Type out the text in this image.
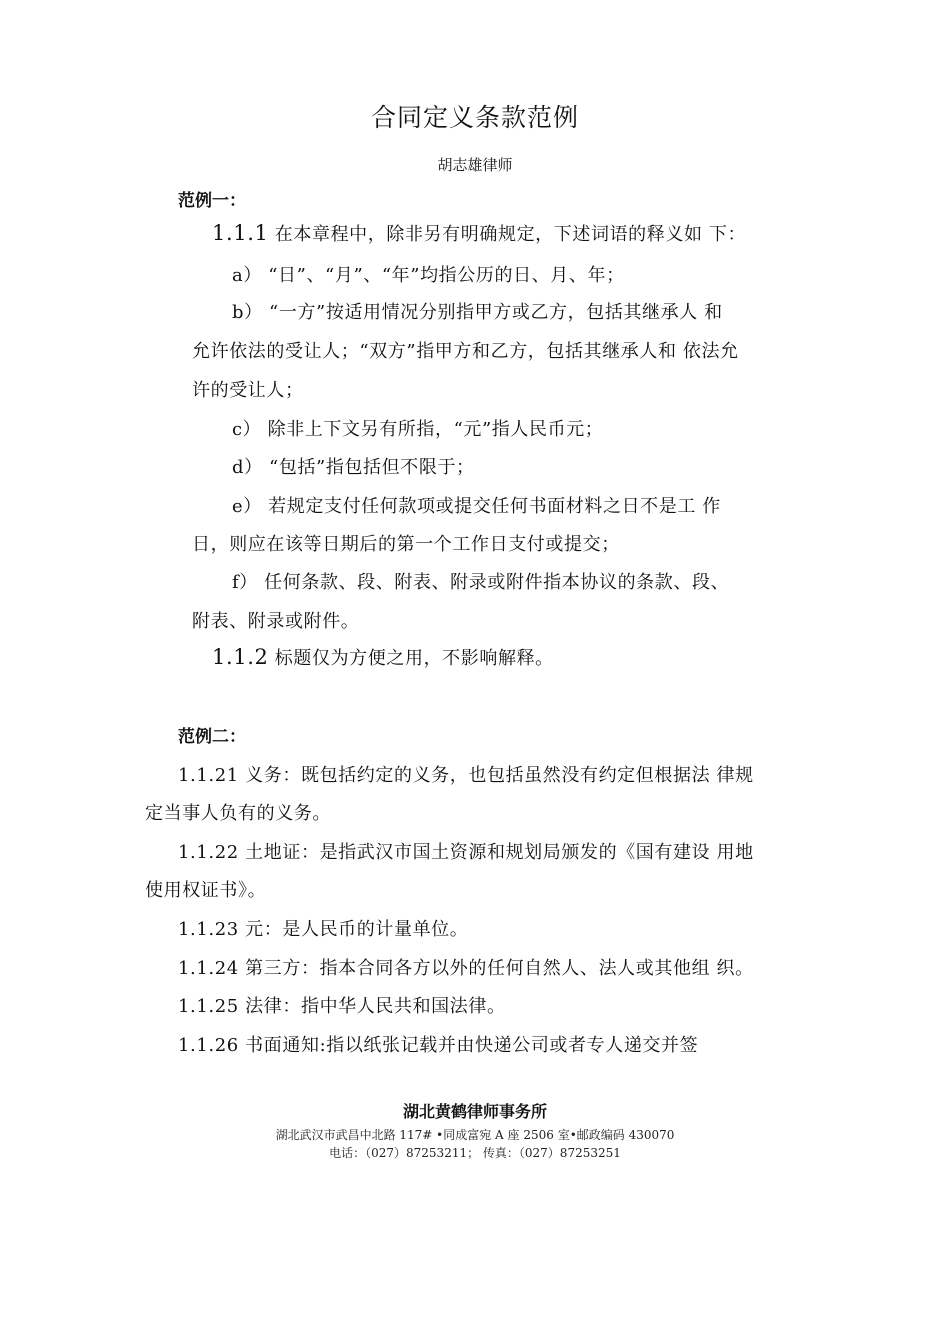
合同定义条款范例
胡志雄律师
范例一：
1.1.1 在本章程中，除非另有明确规定，下述词语的释义如 下：
a） “日”、“月”、“年”均指公历的日、月、年；
b） “一方”按适用情况分别指甲方或乙方，包括其继承人 和
允许依法的受让人；“双方”指甲方和乙方，包括其继承人和 依法允
许的受让人；
c） 除非上下文另有所指，“元”指人民币元；
d） “包括”指包括但不限于；
e） 若规定支付任何款项或提交任何书面材料之日不是工 作
日，则应在该等日期后的第一个工作日支付或提交；
f） 任何条款、段、附表、附录或附件指本协议的条款、段、
附表、附录或附件。
1.1.2 标题仅为方便之用，不影响解释。
范例二：
1.1.21 义务：既包括约定的义务，也包括虽然没有约定但根据法 律规
定当事人负有的义务。
1.1.22 土地证：是指武汉市国土资源和规划局颁发的《国有建设 用地
使用权证书》。
1.1.23 元：是人民币的计量单位。
1.1.24 第三方：指本合同各方以外的任何自然人、法人或其他组 织。
1.1.25 法律：指中华人民共和国法律。
1.1.26 书面通知:指以纸张记载并由快递公司或者专人递交并签
湖北黄鹤律师事务所
湖北武汉市武昌中北路 117# •同成富宛 A 座 2506 室•邮政编码 430070
电话：（027）87253211； 传真：（027）87253251
